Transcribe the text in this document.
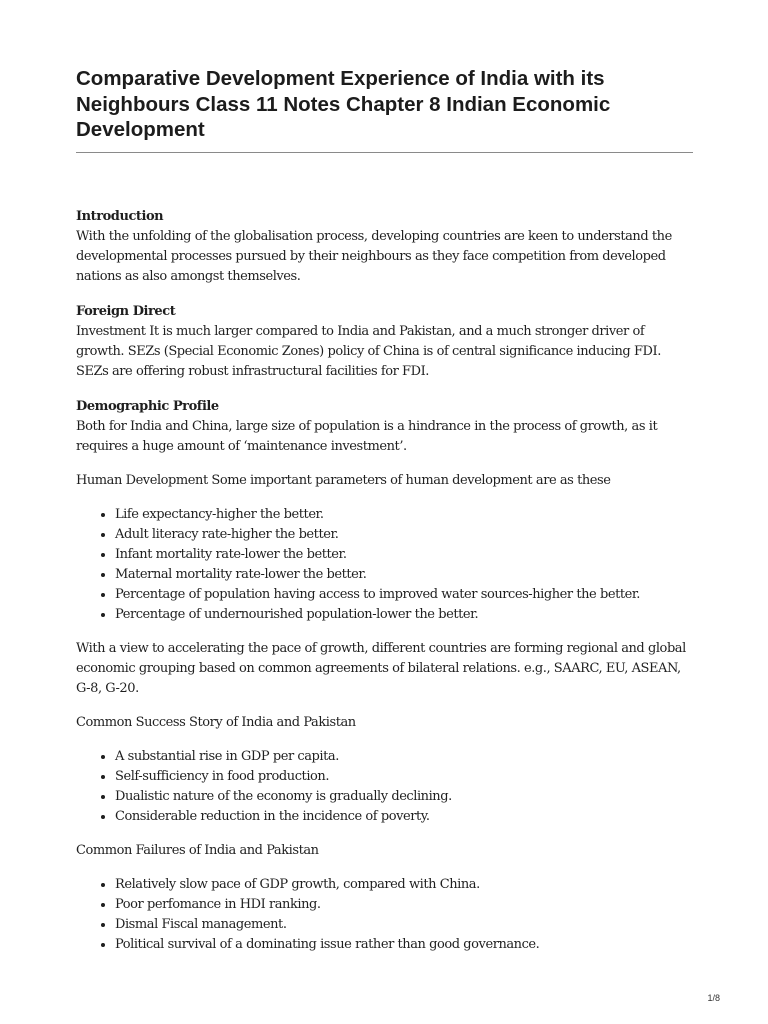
Comparative Development Experience of India with its Neighbours Class 11 Notes Chapter 8 Indian Economic Development

Introduction

With the unfolding of the globalisation process, developing countries are keen to understand the developmental processes pursued by their neighbours as they face competition from developed nations as also amongst themselves.

Foreign Direct

Investment It is much larger compared to India and Pakistan, and a much stronger driver of growth. SEZs (Special Economic Zones) policy of China is of central significance inducing FDI. SEZs are offering robust infrastructural facilities for FDI.

Demographic Profile

Both for India and China, large size of population is a hindrance in the process of growth, as it requires a huge amount of ‘maintenance investment’.

Human Development Some important parameters of human development are as these

• Life expectancy-higher the better.
• Adult literacy rate-higher the better.
• Infant mortality rate-lower the better.
• Maternal mortality rate-lower the better.
• Percentage of population having access to improved water sources-higher the better.
• Percentage of undernourished population-lower the better.

With a view to accelerating the pace of growth, different countries are forming regional and global economic grouping based on common agreements of bilateral relations. e.g., SAARC, EU, ASEAN, G-8, G-20.

Common Success Story of India and Pakistan

• A substantial rise in GDP per capita.
• Self-sufficiency in food production.
• Dualistic nature of the economy is gradually declining.
• Considerable reduction in the incidence of poverty.

Common Failures of India and Pakistan

• Relatively slow pace of GDP growth, compared with China.
• Poor perfomance in HDI ranking.
• Dismal Fiscal management.
• Political survival of a dominating issue rather than good governance.
1/8
